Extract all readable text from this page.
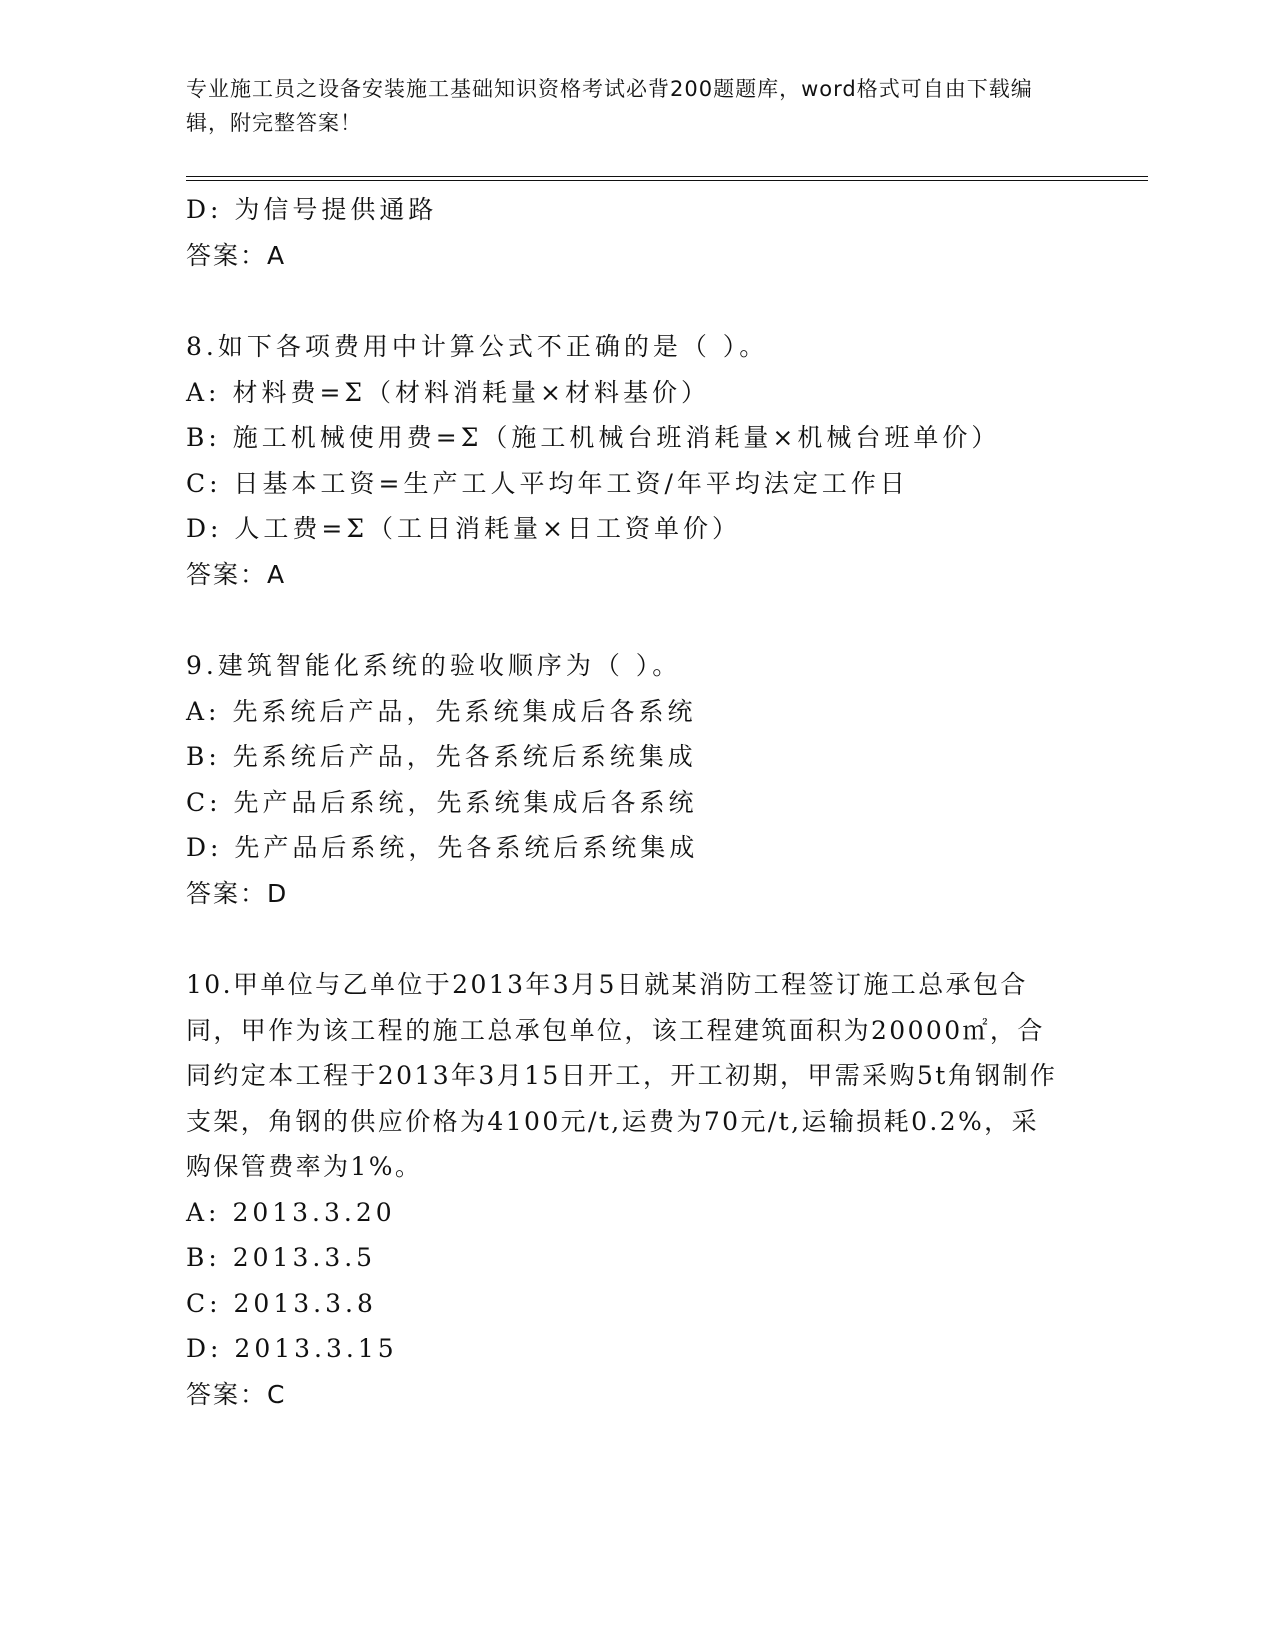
专业施工员之设备安装施工基础知识资格考试必背200题题库，word格式可自由下载编辑，附完整答案！
D: 为信号提供通路
答案：A
8.如下各项费用中计算公式不正确的是（ ）。
A: 材料费=Σ（材料消耗量×材料基价）
B: 施工机械使用费=Σ（施工机械台班消耗量×机械台班单价）
C: 日基本工资=生产工人平均年工资/年平均法定工作日
D: 人工费=Σ（工日消耗量×日工资单价）
答案：A
9.建筑智能化系统的验收顺序为（ ）。
A: 先系统后产品，先系统集成后各系统
B: 先系统后产品，先各系统后系统集成
C: 先产品后系统，先系统集成后各系统
D: 先产品后系统，先各系统后系统集成
答案：D
10.甲单位与乙单位于2013年3月5日就某消防工程签订施工总承包合同，甲作为该工程的施工总承包单位，该工程建筑面积为20000㎡，合同约定本工程于2013年3月15日开工，开工初期，甲需采购5t角钢制作支架，角钢的供应价格为4100元/t,运费为70元/t,运输损耗0.2%，采购保管费率为1%。
A: 2013.3.20
B: 2013.3.5
C: 2013.3.8
D: 2013.3.15
答案：C
